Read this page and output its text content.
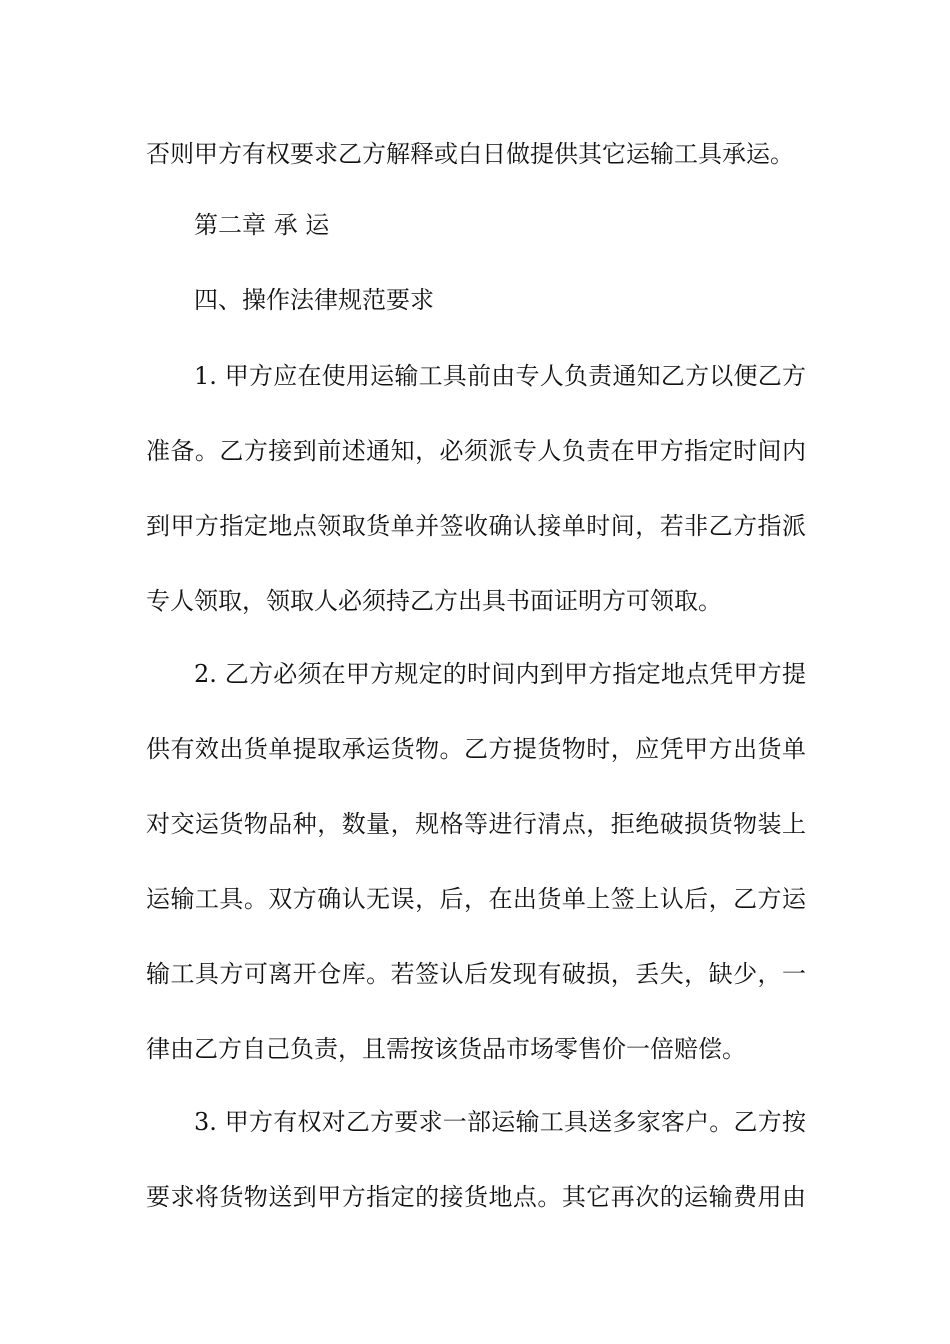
否则甲方有权要求乙方解释或白日做提供其它运输工具承运。
第二章 承 运
四、操作法律规范要求
1. 甲方应在使用运输工具前由专人负责通知乙方以便乙方
准备。乙方接到前述通知，必须派专人负责在甲方指定时间内
到甲方指定地点领取货单并签收确认接单时间，若非乙方指派
专人领取，领取人必须持乙方出具书面证明方可领取。
2. 乙方必须在甲方规定的时间内到甲方指定地点凭甲方提
供有效出货单提取承运货物。乙方提货物时，应凭甲方出货单
对交运货物品种，数量，规格等进行清点，拒绝破损货物装上
运输工具。双方确认无误，后，在出货单上签上认后，乙方运
输工具方可离开仓库。若签认后发现有破损，丢失，缺少，一
律由乙方自己负责，且需按该货品市场零售价一倍赔偿。
3. 甲方有权对乙方要求一部运输工具送多家客户。乙方按
要求将货物送到甲方指定的接货地点。其它再次的运输费用由
